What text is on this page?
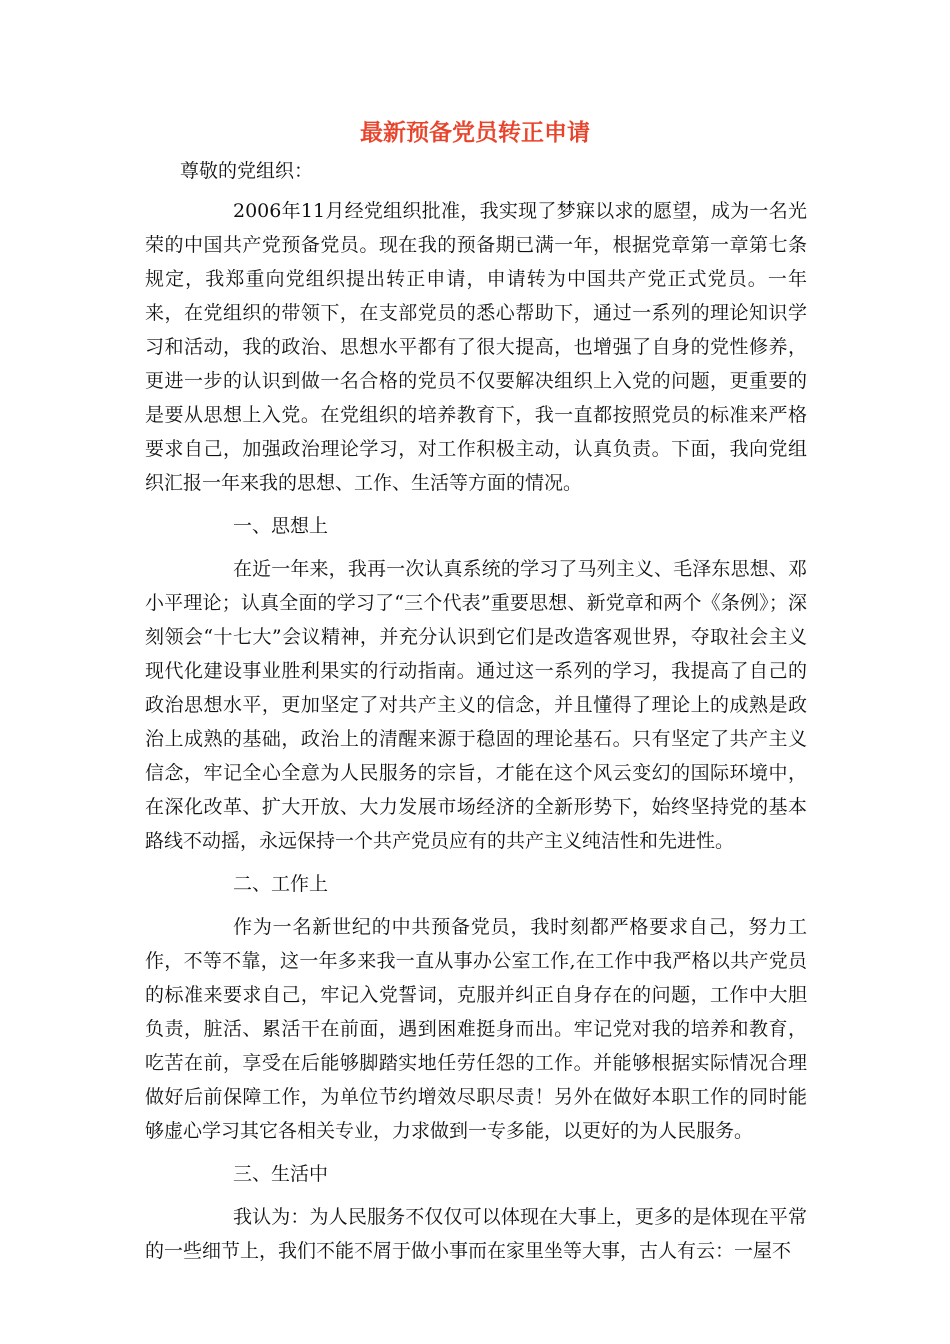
最新预备党员转正申请

尊敬的党组织：

2006年11月经党组织批准，我实现了梦寐以求的愿望，成为一名光荣的中国共产党预备党员。现在我的预备期已满一年，根据党章第一章第七条规定，我郑重向党组织提出转正申请，申请转为中国共产党正式党员。一年来，在党组织的带领下，在支部党员的悉心帮助下，通过一系列的理论知识学习和活动，我的政治、思想水平都有了很大提高，也增强了自身的党性修养，更进一步的认识到做一名合格的党员不仅要解决组织上入党的问题，更重要的是要从思想上入党。在党组织的培养教育下，我一直都按照党员的标准来严格要求自己，加强政治理论学习，对工作积极主动，认真负责。下面，我向党组织汇报一年来我的思想、工作、生活等方面的情况。

一、思想上

在近一年来，我再一次认真系统的学习了马列主义、毛泽东思想、邓小平理论；认真全面的学习了“三个代表”重要思想、新党章和两个《条例》；深刻领会“十七大”会议精神，并充分认识到它们是改造客观世界，夺取社会主义现代化建设事业胜利果实的行动指南。通过这一系列的学习，我提高了自己的政治思想水平，更加坚定了对共产主义的信念，并且懂得了理论上的成熟是政治上成熟的基础，政治上的清醒来源于稳固的理论基石。只有坚定了共产主义信念，牢记全心全意为人民服务的宗旨，才能在这个风云变幻的国际环境中，在深化改革、扩大开放、大力发展市场经济的全新形势下，始终坚持党的基本路线不动摇，永远保持一个共产党员应有的共产主义纯洁性和先进性。

二、工作上

作为一名新世纪的中共预备党员，我时刻都严格要求自己，努力工作，不等不靠，这一年多来我一直从事办公室工作,在工作中我严格以共产党员的标准来要求自己，牢记入党誓词，克服并纠正自身存在的问题，工作中大胆负责，脏活、累活干在前面，遇到困难挺身而出。牢记党对我的培养和教育，吃苦在前，享受在后能够脚踏实地任劳任怨的工作。并能够根据实际情况合理做好后前保障工作，为单位节约增效尽职尽责！另外在做好本职工作的同时能够虚心学习其它各相关专业，力求做到一专多能，以更好的为人民服务。

三、生活中

我认为：为人民服务不仅仅可以体现在大事上，更多的是体现在平常的一些细节上，我们不能不屑于做小事而在家里坐等大事，古人有云：一屋不
